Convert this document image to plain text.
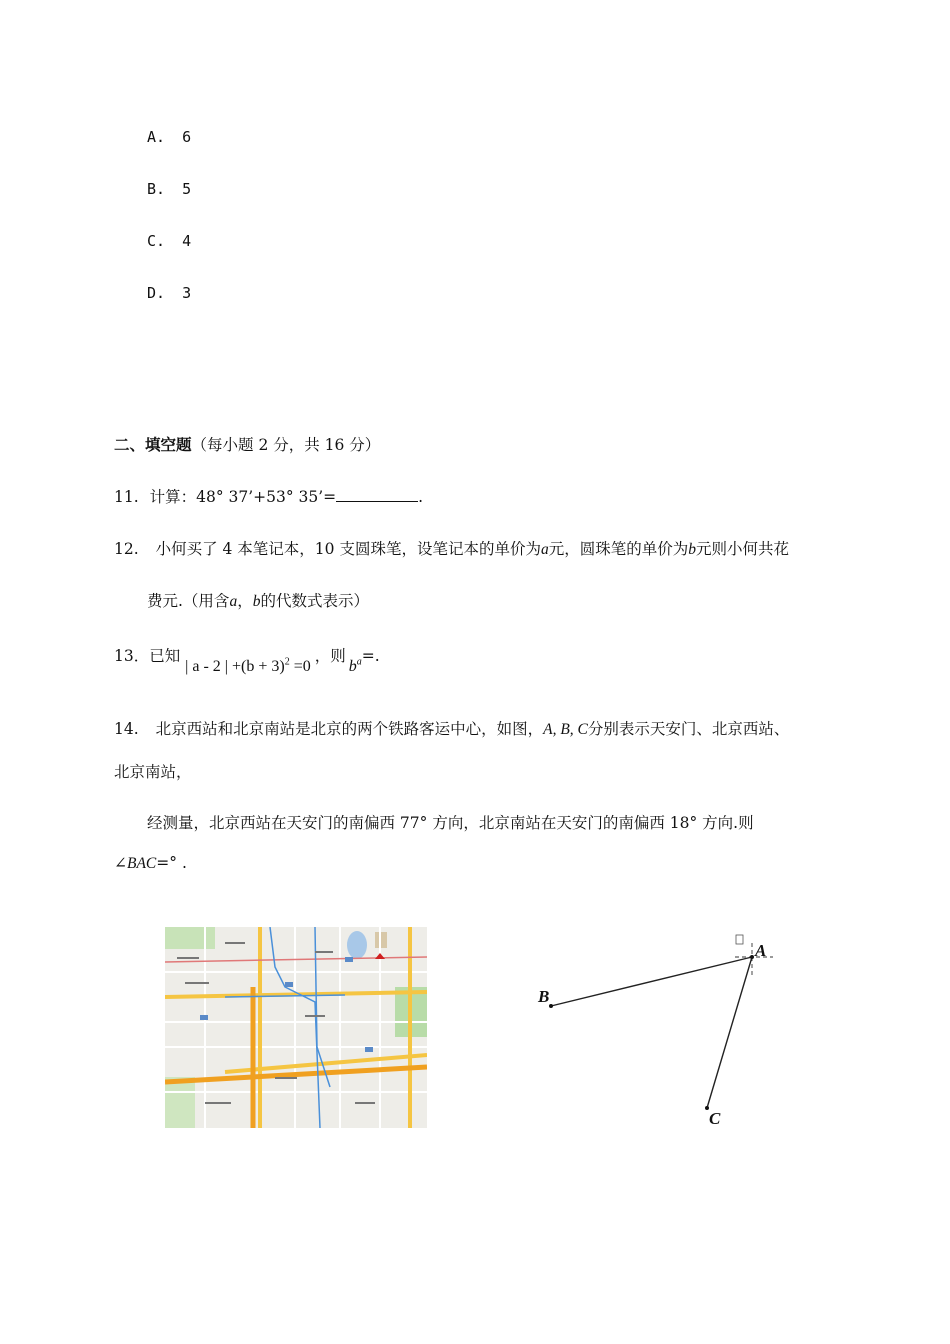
A. 6
B. 5
C. 4
D. 3
二、填空题（每小题 2 分，共 16 分）
11. 计算：48° 37’+53° 35’=	.
12. 小何买了 4 本笔记本，10 支圆珠笔，设笔记本的单价为a元，圆珠笔的单价为b元则小何共花
费元.（用含a，b的代数式表示）
13．已知 | a - 2 | $+(b + 3)^2 =0$，则$b^a=$.
14. 北京西站和北京南站是北京的两个铁路客运中心，如图，A, B, C分别表示天安门、北京西站、
北京南站，
经测量，北京西站在天安门的南偏西 77° 方向，北京南站在天安门的南偏西 18° 方向.则
∠BAC=° .
A
B
C
